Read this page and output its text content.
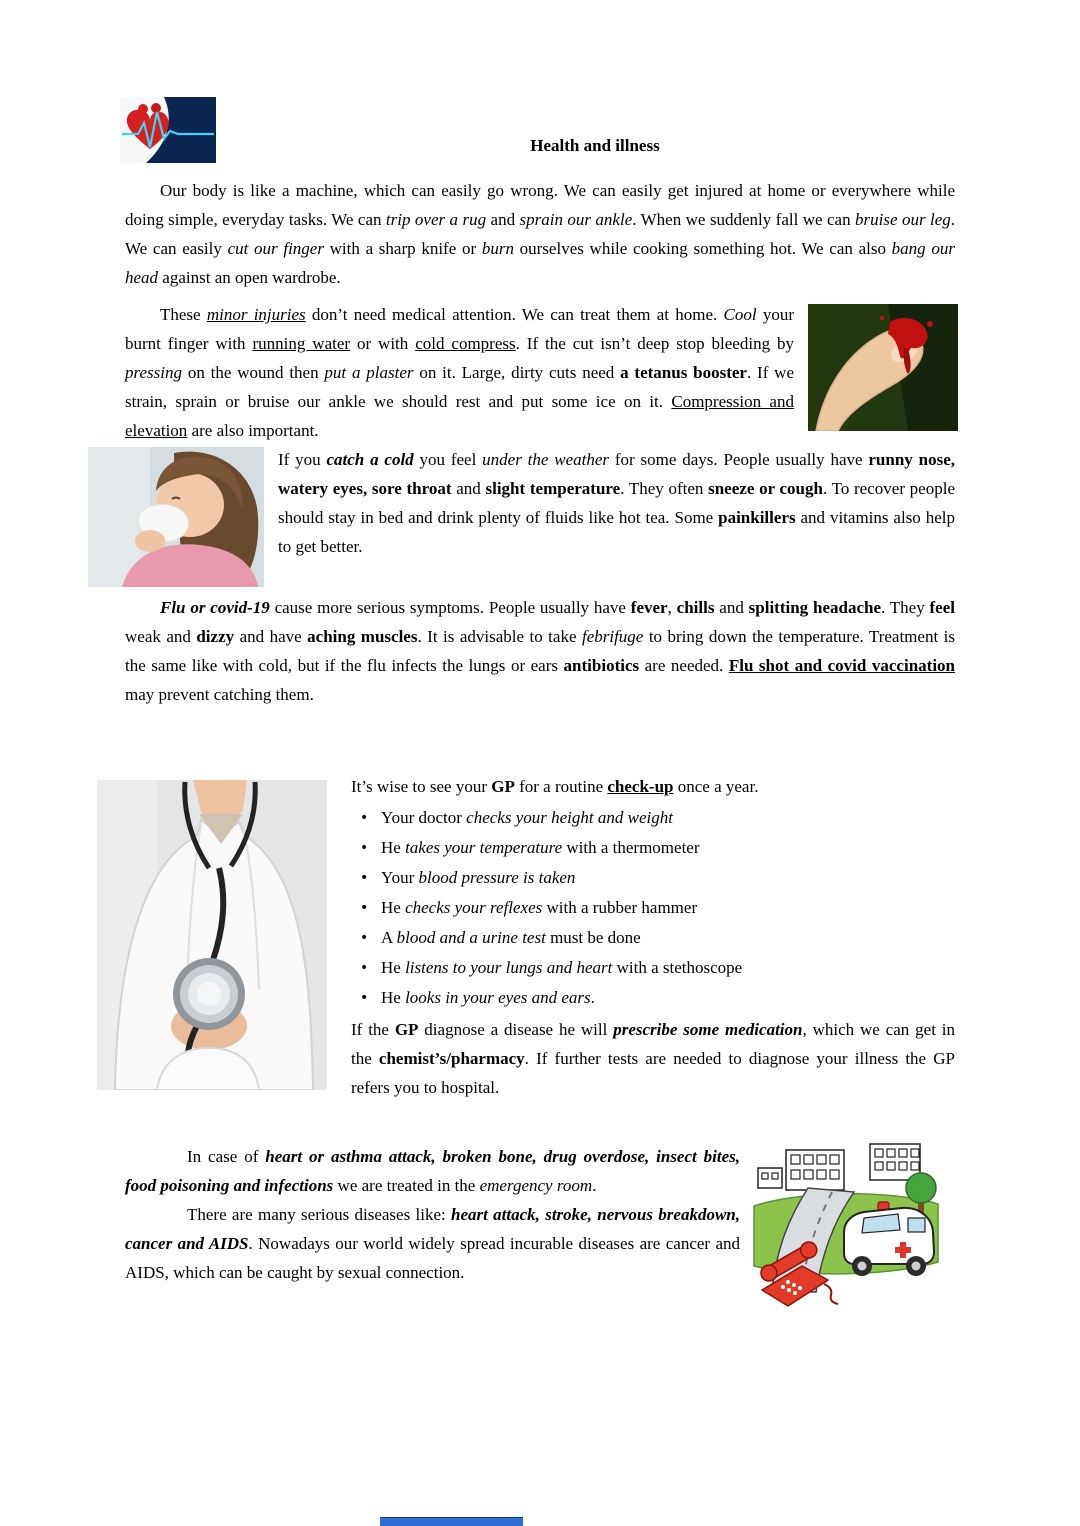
Health and illness

Our body is like a machine, which can easily go wrong. We can easily get injured at home or everywhere while doing simple, everyday tasks. We can trip over a rug and sprain our ankle. When we suddenly fall we can bruise our leg. We can easily cut our finger with a sharp knife or burn ourselves while cooking something hot. We can also bang our head against an open wardrobe.

These minor injuries don’t need medical attention. We can treat them at home. Cool your burnt finger with running water or with cold compress. If the cut isn’t deep stop bleeding by pressing on the wound then put a plaster on it. Large, dirty cuts need a tetanus booster. If we strain, sprain or bruise our ankle we should rest and put some ice on it. Compression and elevation are also important.

If you catch a cold you feel under the weather for some days. People usually have runny nose, watery eyes, sore throat and slight temperature. They often sneeze or cough. To recover people should stay in bed and drink plenty of fluids like hot tea. Some painkillers and vitamins also help to get better.

Flu or covid-19 cause more serious symptoms. People usually have fever, chills and splitting headache. They feel weak and dizzy and have aching muscles. It is advisable to take febrifuge to bring down the temperature. Treatment is the same like with cold, but if the flu infects the lungs or ears antibiotics are needed. Flu shot and covid vaccination may prevent catching them.

It’s wise to see your GP for a routine check-up once a year.

• Your doctor checks your height and weight
• He takes your temperature with a thermometer
• Your blood pressure is taken
• He checks your reflexes with a rubber hammer
• A blood and a urine test must be done
• He listens to your lungs and heart with a stethoscope
• He looks in your eyes and ears.

If the GP diagnose a disease he will prescribe some medication, which we can get in the chemist’s/pharmacy. If further tests are needed to diagnose your illness the GP refers you to hospital.

In case of heart or asthma attack, broken bone, drug overdose, insect bites, food poisoning and infections we are treated in the emergency room.

There are many serious diseases like: heart attack, stroke, nervous breakdown, cancer and AIDS. Nowadays our world widely spread incurable diseases are cancer and AIDS, which can be caught by sexual connection.
